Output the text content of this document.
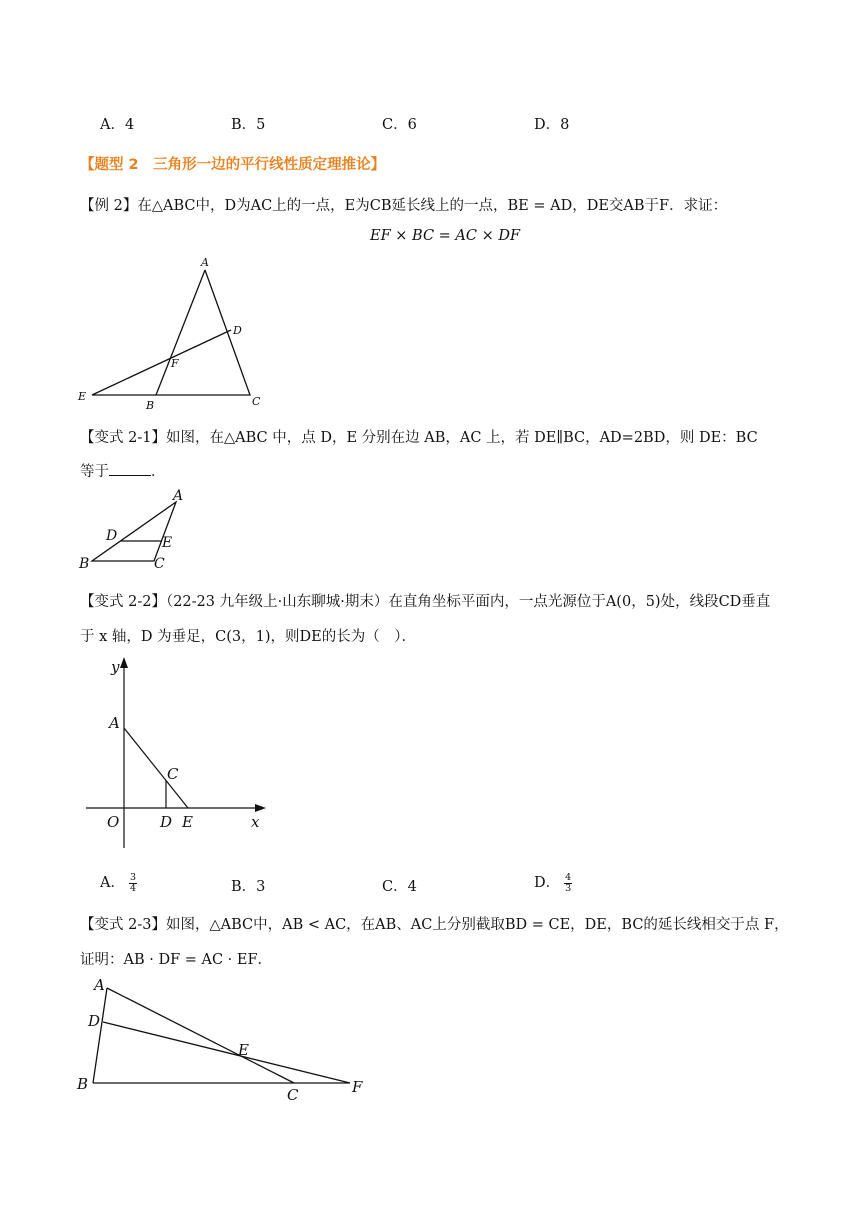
A．4	B．5	C．6	D．8
【题型 2　三角形一边的平行线性质定理推论】
【例 2】在△ABC中，D为AC上的一点，E为CB延长线上的一点，BE = AD，DE交AB于F．求证：
EF × BC = AC × DF
A
D
F
E
B	C
【变式 2-1】如图，在△ABC 中，点 D，E 分别在边 AB，AC 上，若 DE∥BC，AD=2BD，则 DE：BC
等于	．
A
D	E
B	C
【变式 2-2】（22-23 九年级上·山东聊城·期末）在直角坐标平面内，一点光源位于A(0，5)处，线段CD垂直
于 x 轴，D 为垂足，C(3，1)，则DE的长为（　）．
y
x
A
C
O	D E
A． $\frac{3}{4}$	B．3	C．4	D． $\frac{4}{3}$
【变式 2-3】如图，△ABC中，AB < AC，在AB、AC上分别截取BD = CE，DE，BC的延长线相交于点 F，
证明：AB · DF = AC · EF．
A
D
E
B
C	F
